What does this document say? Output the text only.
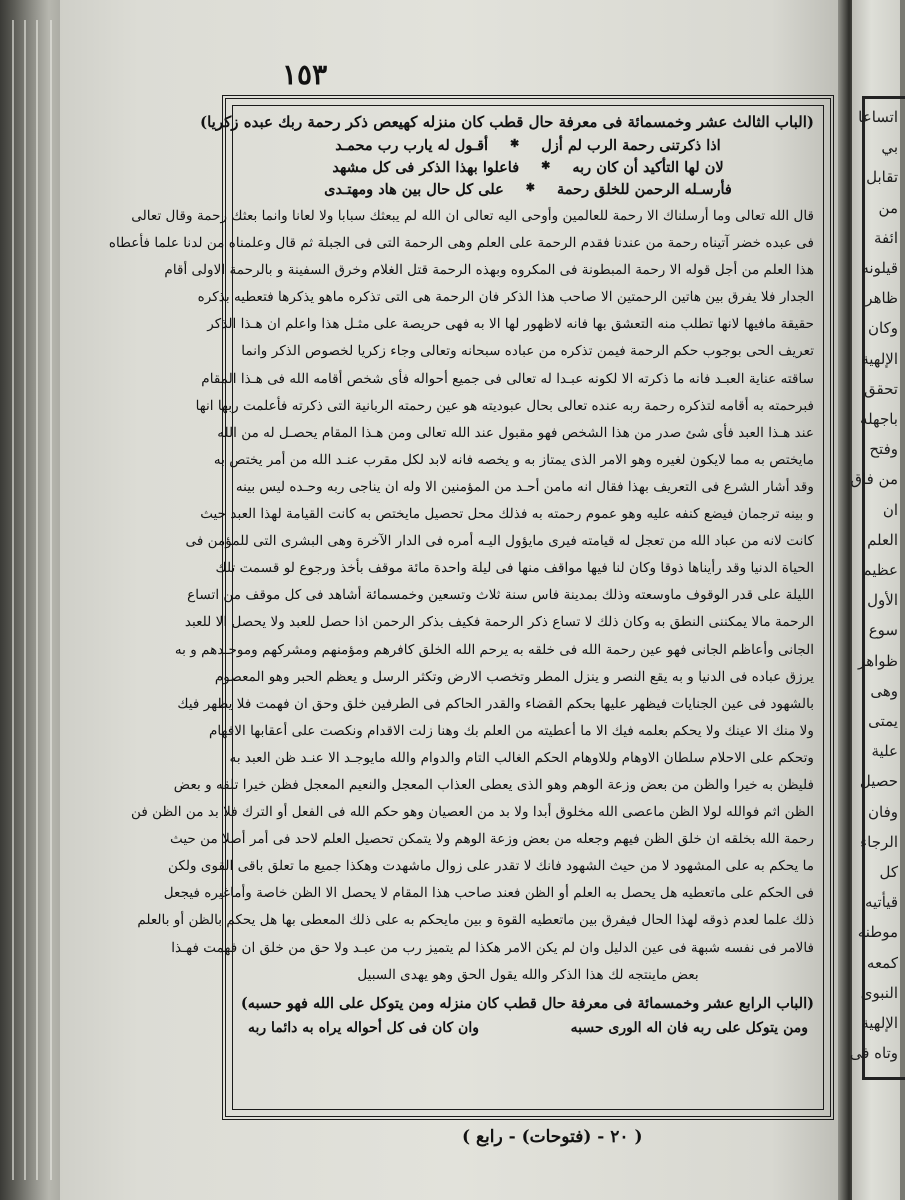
١٥٣
(الباب الثالث عشر وخمسمائة فى معرفة حال قطب كان منزله كهيعص ذكر رحمة ربك عبده زكريا)
اذا ذكرتنى رحمة الرب لم أزل
✱
أقـول له يارب رب محمـد
لان لها التأكيد أن كان ربه
✱
فاعلوا بهذا الذكر فى كل مشهد
فأرسـله الرحمن للخلق رحمة
✱
على كل حال بين هاد ومهتـدى
قال الله تعالى وما أرسلناك الا رحمة للعالمين وأوحى اليه تعالى ان الله لم يبعثك سبابا ولا لعانا وانما بعثك رحمة وقال تعالى
فى عبده خضر آتيناه رحمة من عندنا فقدم الرحمة على العلم وهى الرحمة التى فى الجبلة ثم قال وعلمناه من لدنا علما فأعطاه
هذا العلم من أجل قوله الا رحمة المبطونة فى المكروه وبهذه الرحمة قتل الغلام وخرق السفينة و بالرحمة الاولى أقام
الجدار فلا يفرق بين هاتين الرحمتين الا صاحب هذا الذكر فان الرحمة هى التى تذكره ماهو يذكرها فتعطيه بذكره
حقيقة مافيها لانها تطلب منه التعشق بها فانه لاظهور لها الا به فهى حريصة على مثـل هذا واعلم ان هـذا الذكر
تعريف الحى بوجوب حكم الرحمة فيمن تذكره من عباده سبحانه وتعالى وجاء زكريا لخصوص الذكر وانما
ساقته عناية العبـد فانه ما ذكرته الا لكونه عبـدا له تعالى فى جميع أحواله فأى شخص أقامه الله فى هـذا المقام
فبرحمته به أقامه لتذكره رحمة ربه عنده تعالى بحال عبوديته هو عين رحمته الربانية التى ذكرته فأعلمت ربها انها
عند هـذا العبد فأى شئ صدر من هذا الشخص فهو مقبول عند الله تعالى ومن هـذا المقام يحصـل له من الله
مايختص به مما لايكون لغيره وهو الامر الذى يمتاز به و يخصه فانه لابد لكل مقرب عنـد الله من أمر يختص به
وقد أشار الشرع فى التعريف بهذا فقال انه مامن أحـد من المؤمنين الا وله ان يناجى ربه وحـده ليس بينه
و بينه ترجمان فيضع كنفه عليه وهو عموم رحمته به فذلك محل تحصيل مايختص به كانت القيامة لهذا العبد حيث
كانت لانه من عباد الله من تعجل له قيامته فيرى مايؤول اليـه أمره فى الدار الآخرة وهى البشرى التى للمؤمن فى
الحياة الدنيا وقد رأيناها ذوقا وكان لنا فيها مواقف منها فى ليلة واحدة مائة موقف بأخذ ورجوع لو قسمت تلك
الليلة على قدر الوقوف ماوسعته وذلك بمدينة فاس سنة ثلاث وتسعين وخمسمائة أشاهد فى كل موقف من اتساع
الرحمة مالا يمكننى النطق به وكان ذلك لا تساع ذكر الرحمة فكيف بذكر الرحمن اذا حصل للعبد ولا يحصل الا للعبد
الجانى وأعاظم الجانى فهو عين رحمة الله فى خلقه به يرحم الله الخلق كافرهم ومؤمنهم ومشركهم وموحـدهم و به
يرزق عباده فى الدنيا و به يقع النصر و ينزل المطر وتخصب الارض وتكثر الرسل و يعظم الحبر وهو المعصوم
بالشهود فى عين الجنايات فيظهر عليها بحكم القضاء والقدر الحاكم فى الطرفين خلق وحق ان فهمت فلا يظهر فيك
ولا منك الا عينك ولا يحكم بعلمه فيك الا ما أعطيته من العلم بك وهنا زلت الاقدام ونكصت على أعقابها الافهام
وتحكم على الاحلام سلطان الاوهام وللاوهام الحكم الغالب التام والدوام والله مايوجـد الا عنـد ظن العبد به
فليظن به خيرا والظن من بعض وزعة الوهم وهو الذى يعطى العذاب المعجل والنعيم المعجل فظن خيرا تلقه و بعض
الظن اثم فوالله لولا الظن ماعصى الله مخلوق أبدا ولا بد من العصيان وهو حكم الله فى الفعل أو الترك فلا بد من الظن فن
رحمة الله بخلقه ان خلق الظن فيهم وجعله من بعض وزعة الوهم ولا يتمكن تحصيل العلم لاحد فى أمر أصلا من حيث
ما يحكم به على المشهود لا من حيث الشهود فانك لا تقدر على زوال ماشهدت وهكذا جميع ما تعلق باقى القوى ولكن
فى الحكم على ماتعطيه هل يحصل به العلم أو الظن فعند صاحب هذا المقام لا يحصل الا الظن خاصة وأماغيره فيجعل
ذلك علما لعدم ذوقه لهذا الحال فيفرق بين ماتعطيه القوة و بين مايحكم به على ذلك المعطى بها هل يحكم بالظن أو بالعلم
فالامر فى نفسه شبهة فى عين الدليل وان لم يكن الامر هكذا لم يتميز رب من عبـد ولا حق من خلق ان فهمت فهـذا
بعض ماينتجه لك هذا الذكر والله يقول الحق وهو يهدى السبيل
(الباب الرابع عشر وخمسمائة فى معرفة حال قطب كان منزله ومن يتوكل على الله فهو حسبه)
ومن يتوكل على ربه فان اله الورى حسبه
وان كان فى كل أحواله يراه به دائما ربه
( ٢٠ - (فتوحات) - رابع )
اتساعا
بي
تقابل
من
ائفة
قيلونه
ظاهر
وكان
الإلهية
تحقق
باجهله
وفتح
من فاق
ان
العلم
عظيم
الأول
سوع
ظواهر
وهى
يمتى
علية
حصيل
وفان
الرجاء
كل
قيأتيه
موطنه
كمعه
النبوى
الإلهية
وتاه فى
